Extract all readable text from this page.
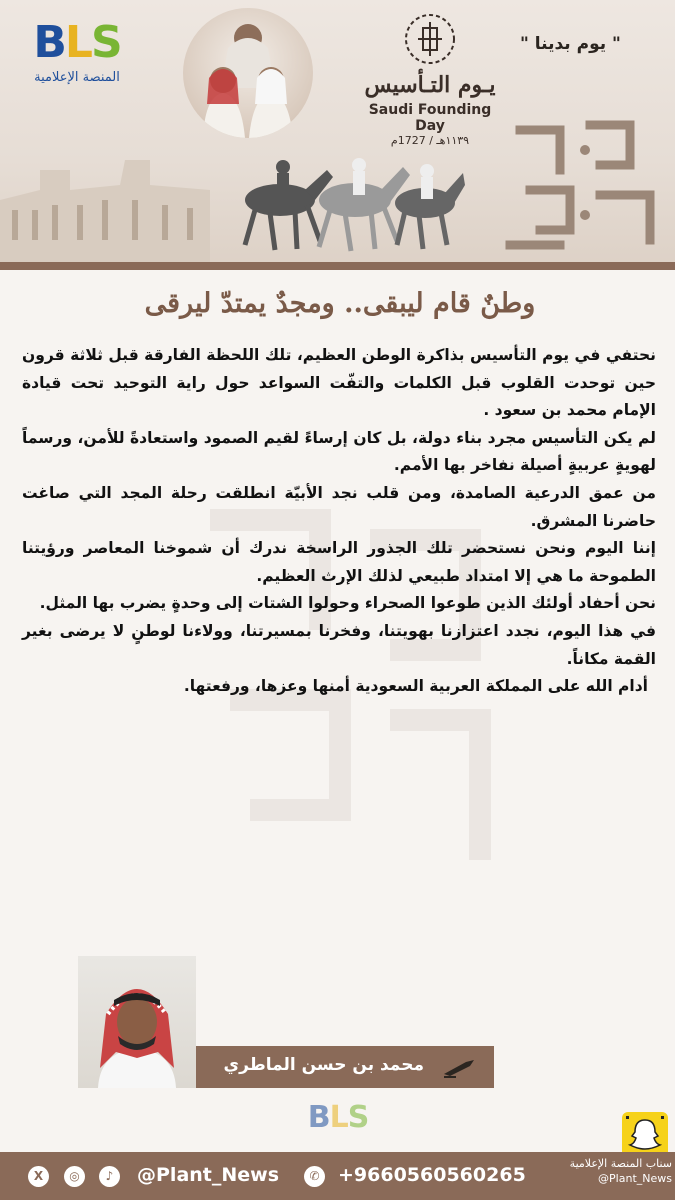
BLS
المنصة الإعلامية	يـوم التـأسيس
Saudi Founding Day
١١٣٩هـ / 1727م
" يوم بدينا "
وطنٌ قام ليبقى.. ومجدٌ يمتدّ ليرقى

نحتفي في يوم التأسيس بذاكرة الوطن العظيم، تلك اللحظة الفارقة قبل ثلاثة قرون حين توحدت القلوب قبل الكلمات والتفّت السواعد حول راية التوحيد تحت قيادة الإمام محمد بن سعود .

لم يكن التأسيس مجرد بناء دولة، بل كان إرساءً لقيم الصمود واستعادةً للأمن، ورسماً لهويةٍ عربيةٍ أصيلة نفاخر بها الأمم.

من عمق الدرعية الصامدة، ومن قلب نجد الأبيّة انطلقت رحلة المجد التي صاغت حاضرنا المشرق.

إننا اليوم ونحن نستحضر تلك الجذور الراسخة ندرك أن شموخنا المعاصر ورؤيتنا الطموحة ما هي إلا امتداد طبيعي لذلك الإرث العظيم.

نحن أحفاد أولئك الذين طوعوا الصحراء وحولوا الشتات إلى وحدةٍ يضرب بها المثل.

في هذا اليوم، نجدد اعتزازنا بهويتنا، وفخرنا بمسيرتنا، وولاءنا لوطنٍ لا يرضى بغير القمة مكاناً.

أدام الله على المملكة العربية السعودية أمنها وعزها، ورفعتها.

محمد بن حسن الماطري
BLS
X	◎	♪	@Plant_News	✆ +9660560560265
سناب المنصة الإعلامية
@Plant_News
